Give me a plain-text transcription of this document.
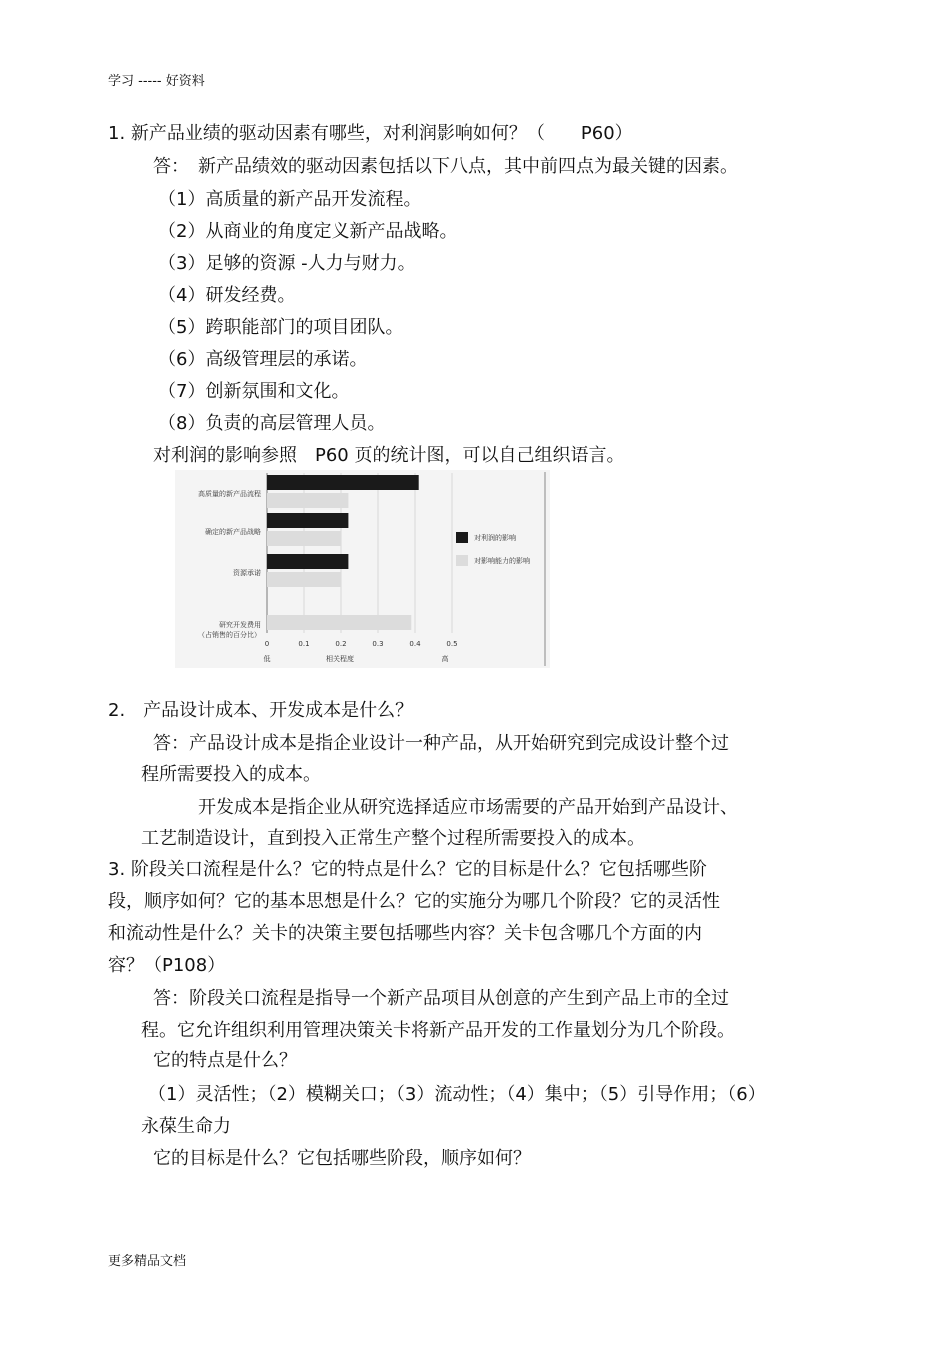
学习 ----- 好资料
1. 新产品业绩的驱动因素有哪些，对利润影响如何？（　　P60）
答：　新产品绩效的驱动因素包括以下八点，其中前四点为最关键的因素。
（1）高质量的新产品开发流程。
（2）从商业的角度定义新产品战略。
（3）足够的资源 -人力与财力。
（4）研发经费。
（5）跨职能部门的项目团队。
（6）高级管理层的承诺。
（7）创新氛围和文化。
（8）负责的高层管理人员。
对利润的影响参照　P60 页的统计图，可以自己组织语言。
高质量的新产品流程
确定的新产品战略
资源承诺
研究开发费用
（占销售的百分比）
0	0.1	0.2	0.3	0.4	0.5
对利润的影响
对影响能力的影响
相关程度
低	高
2.　产品设计成本、开发成本是什么？
答：产品设计成本是指企业设计一种产品，从开始研究到完成设计整个过
程所需要投入的成本。
开发成本是指企业从研究选择适应市场需要的产品开始到产品设计、
工艺制造设计，直到投入正常生产整个过程所需要投入的成本。
3. 阶段关口流程是什么？它的特点是什么？它的目标是什么？它包括哪些阶
段，顺序如何？它的基本思想是什么？它的实施分为哪几个阶段？它的灵活性
和流动性是什么？关卡的决策主要包括哪些内容？关卡包含哪几个方面的内
容？（P108）
答：阶段关口流程是指导一个新产品项目从创意的产生到产品上市的全过
程。它允许组织利用管理决策关卡将新产品开发的工作量划分为几个阶段。
它的特点是什么？
（1）灵活性；（2）模糊关口；（3）流动性；（4）集中；（5）引导作用；（6）
永葆生命力
它的目标是什么？它包括哪些阶段，顺序如何？
更多精品文档
